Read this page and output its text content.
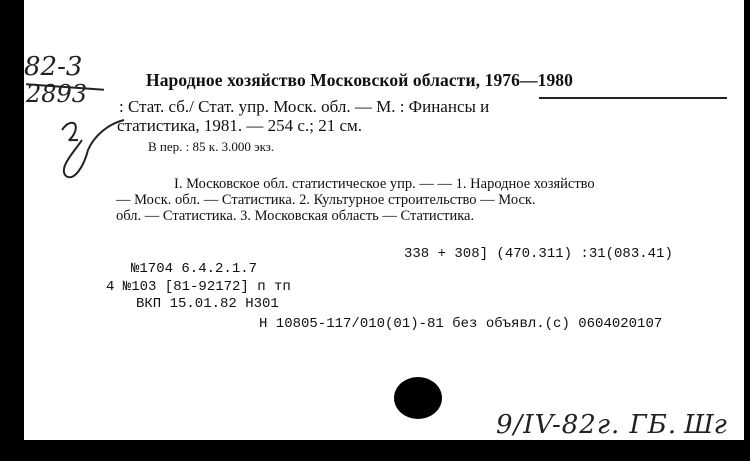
82-3
2893	Народное хозяйство Московской области, 1976—1980
: Стат. сб./ Стат. упр. Моск. обл. — М. : Финансы и
статистика, 1981. — 254 с.; 21 см.
В пер. : 85 к. 3.000 экз.
I. Московское обл. статистическое упр. — — 1. Народное хозяйство
— Моск. обл. — Статистика. 2. Культурное строительство — Моск.
обл. — Статистика. 3. Московская область — Статистика.
338 + 308] (470.311) :31(083.41)
№1704 6.4.2.1.7
4 №103 [81-92172] п тп
ВКП 15.01.82 Н301
Н 10805-117/010(01)-81 без объявл.(с) 0604020107
9/IV-82г. ГБ. Шг
